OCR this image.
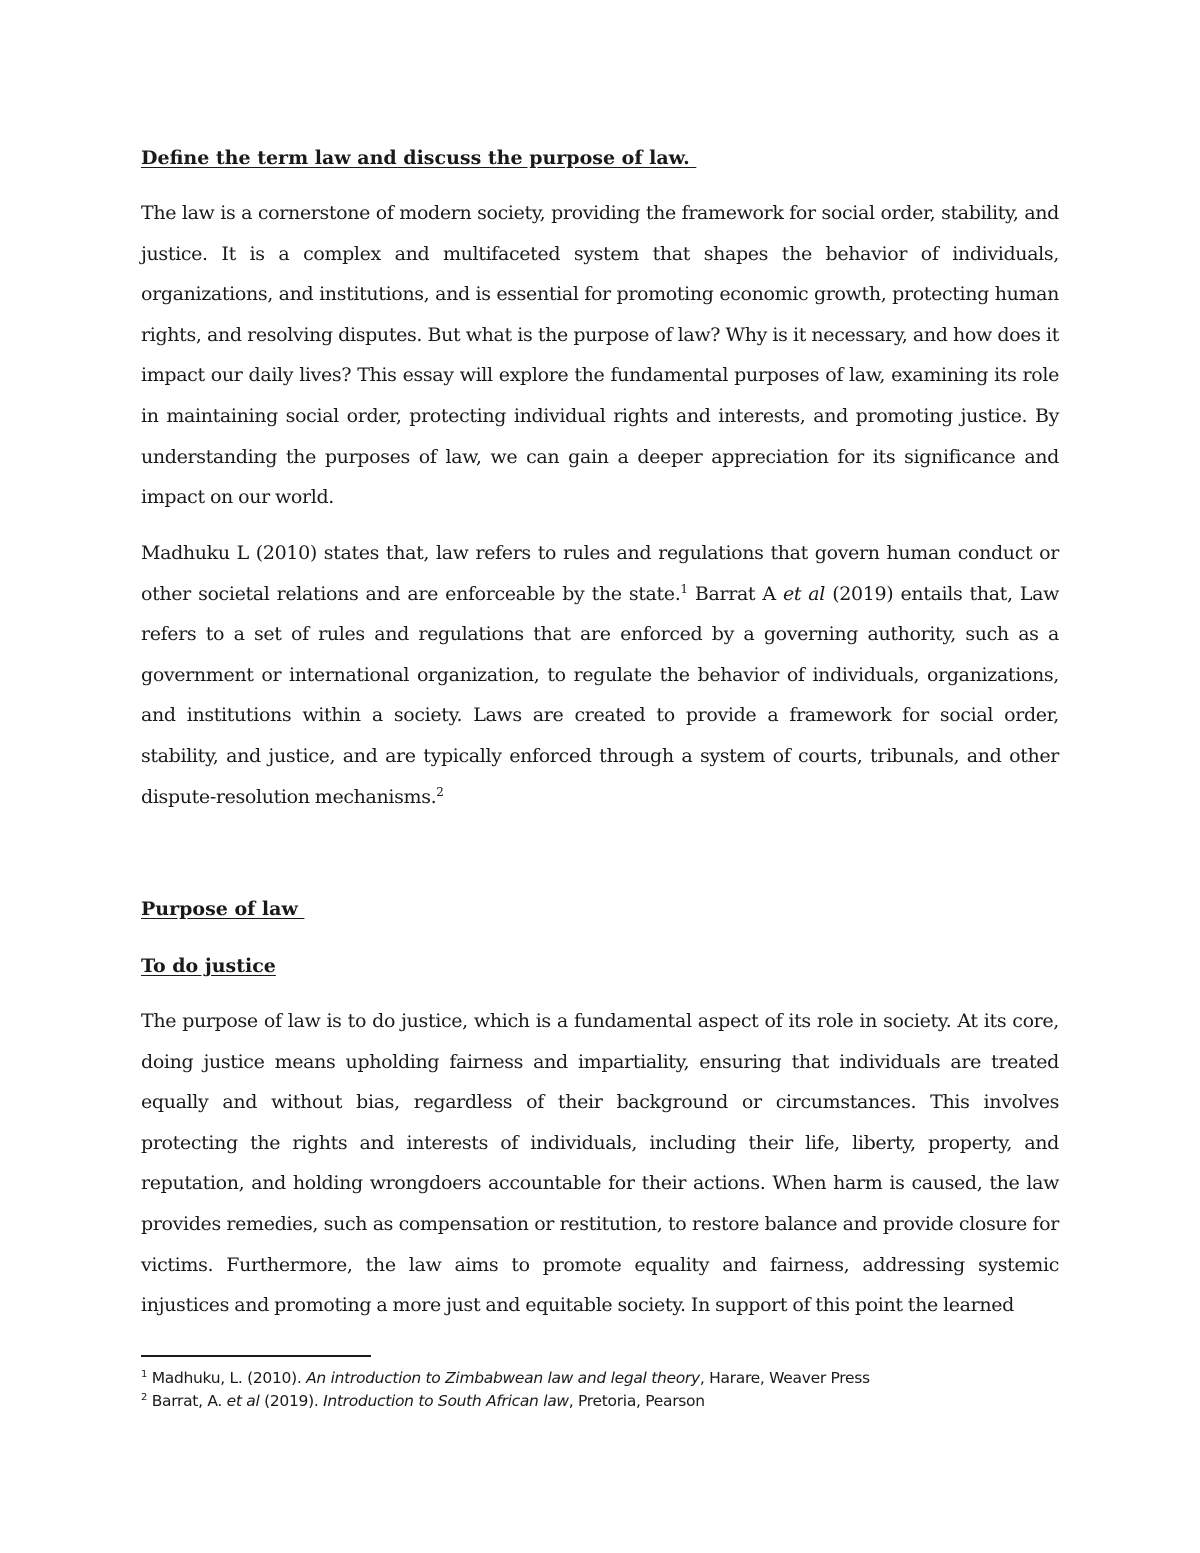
Define the term law and discuss the purpose of law.

The law is a cornerstone of modern society, providing the framework for social order, stability, and justice. It is a complex and multifaceted system that shapes the behavior of individuals, organizations, and institutions, and is essential for promoting economic growth, protecting human rights, and resolving disputes. But what is the purpose of law? Why is it necessary, and how does it impact our daily lives? This essay will explore the fundamental purposes of law, examining its role in maintaining social order, protecting individual rights and interests, and promoting justice. By understanding the purposes of law, we can gain a deeper appreciation for its significance and impact on our world.

Madhuku L (2010) states that, law refers to rules and regulations that govern human conduct or other societal relations and are enforceable by the state.$^1$ Barrat A et al (2019) entails that, Law refers to a set of rules and regulations that are enforced by a governing authority, such as a government or international organization, to regulate the behavior of individuals, organizations, and institutions within a society. Laws are created to provide a framework for social order, stability, and justice, and are typically enforced through a system of courts, tribunals, and other dispute-resolution mechanisms.$^2$

Purpose of law
To do justice

The purpose of law is to do justice, which is a fundamental aspect of its role in society. At its core, doing justice means upholding fairness and impartiality, ensuring that individuals are treated equally and without bias, regardless of their background or circumstances. This involves protecting the rights and interests of individuals, including their life, liberty, property, and reputation, and holding wrongdoers accountable for their actions. When harm is caused, the law provides remedies, such as compensation or restitution, to restore balance and provide closure for victims. Furthermore, the law aims to promote equality and fairness, addressing systemic injustices and promoting a more just and equitable society. In support of this point the learned

$^1$ Madhuku, L. (2010). An introduction to Zimbabwean law and legal theory, Harare, Weaver Press

$^2$ Barrat, A. et al (2019). Introduction to South African law, Pretoria, Pearson
